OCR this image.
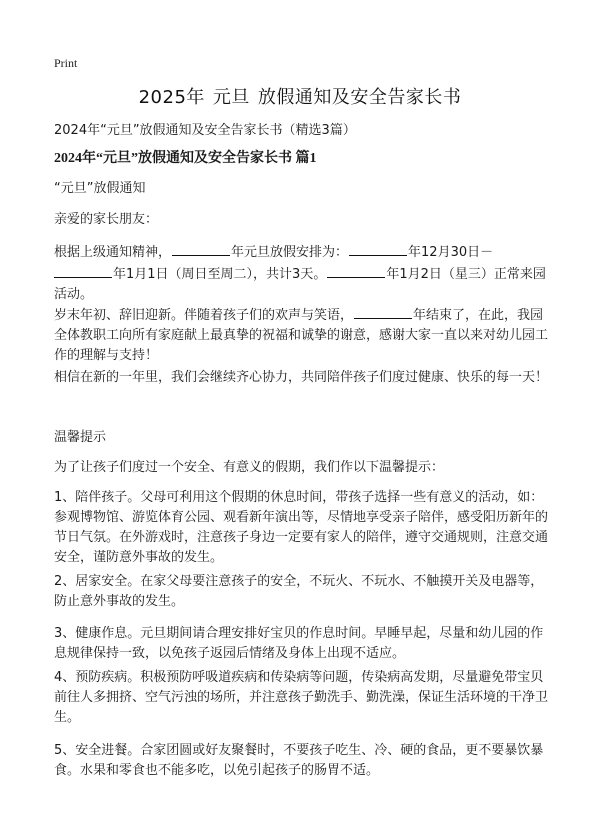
Print
2025年 元旦 放假通知及安全告家长书
2024年“元旦”放假通知及安全告家长书（精选3篇）
2024年“元旦”放假通知及安全告家长书 篇1
“元旦”放假通知
亲爱的家长朋友：
根据上级通知精神，	年元旦放假安排为：	年12月30日－
年1月1日（周日至周二），共计3天。	年1月2日（星三）正常来园活动。
岁末年初、辞旧迎新。伴随着孩子们的欢声与笑语，	年结束了，在此，我园全体教职工向所有家庭献上最真挚的祝福和诚挚的谢意，感谢大家一直以来对幼儿园工作的理解与支持！
相信在新的一年里，我们会继续齐心协力，共同陪伴孩子们度过健康、快乐的每一天！
温馨提示
为了让孩子们度过一个安全、有意义的假期，我们作以下温馨提示：
1、陪伴孩子。父母可利用这个假期的休息时间，带孩子选择一些有意义的活动，如：参观博物馆、游览体育公园、观看新年演出等，尽情地享受亲子陪伴，感受阳历新年的节日气氛。在外游戏时，注意孩子身边一定要有家人的陪伴，遵守交通规则，注意交通安全，谨防意外事故的发生。
2、居家安全。在家父母要注意孩子的安全，不玩火、不玩水、不触摸开关及电器等，防止意外事故的发生。
3、健康作息。元旦期间请合理安排好宝贝的作息时间。早睡早起，尽量和幼儿园的作息规律保持一致，以免孩子返园后情绪及身体上出现不适应。
4、预防疾病。积极预防呼吸道疾病和传染病等问题，传染病高发期，尽量避免带宝贝前往人多拥挤、空气污浊的场所，并注意孩子勤洗手、勤洗澡，保证生活环境的干净卫生。
5、安全进餐。合家团圆或好友聚餐时，不要孩子吃生、冷、硬的食品，更不要暴饮暴食。水果和零食也不能多吃，以免引起孩子的肠胃不适。
